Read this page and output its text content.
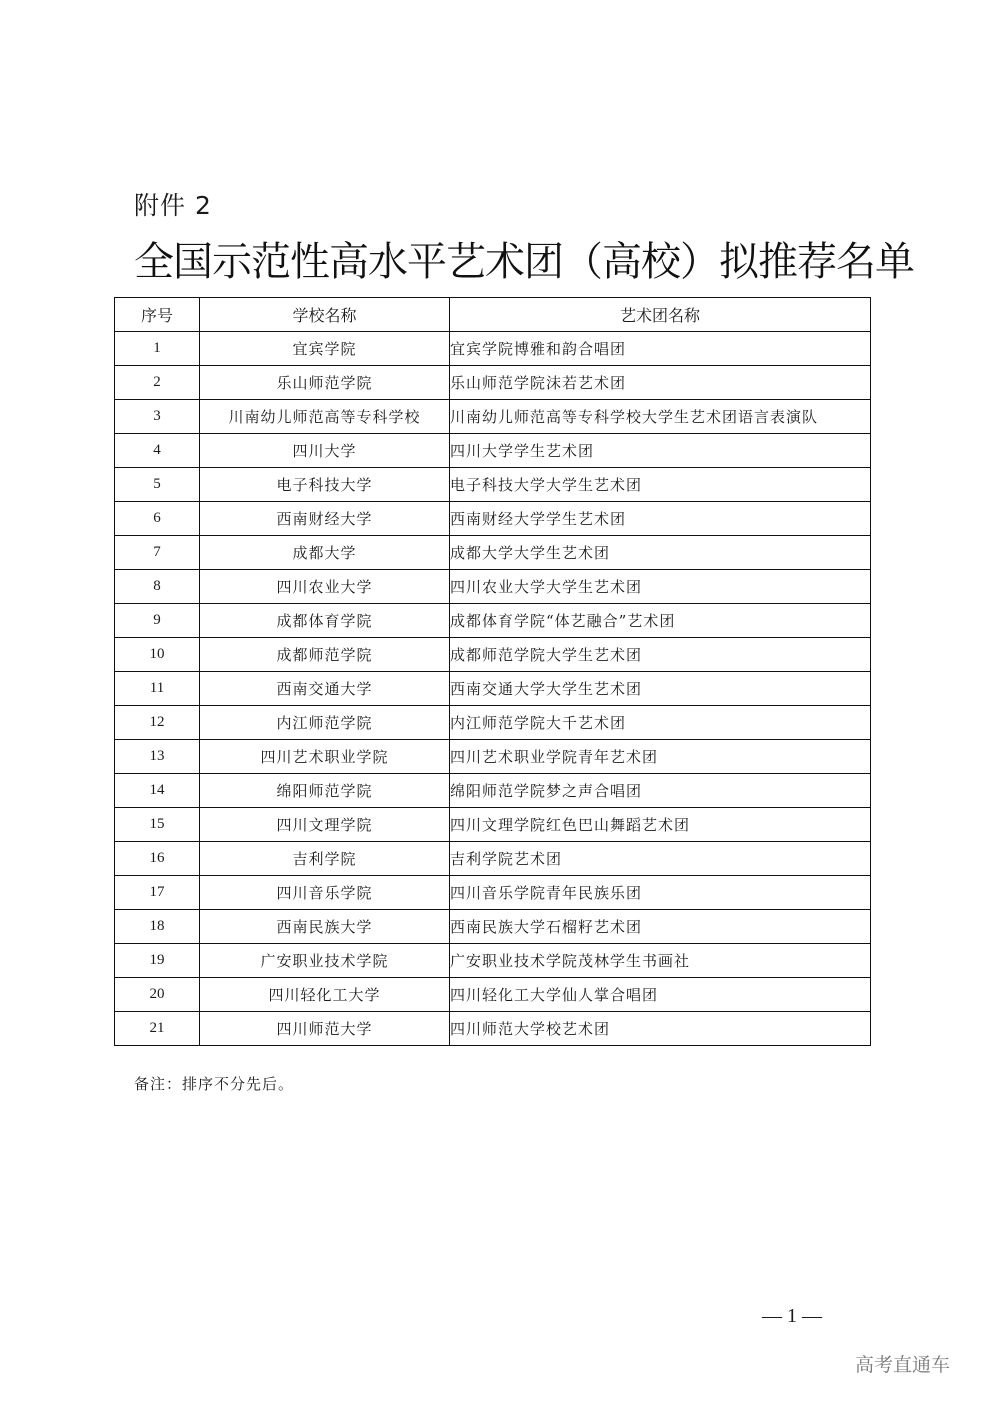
附件 2
全国示范性高水平艺术团（高校）拟推荐名单
序号	学校名称	艺术团名称
1	宜宾学院	宜宾学院博雅和韵合唱团
2	乐山师范学院	乐山师范学院沫若艺术团
3	川南幼儿师范高等专科学校	川南幼儿师范高等专科学校大学生艺术团语言表演队
4	四川大学	四川大学学生艺术团
5	电子科技大学	电子科技大学大学生艺术团
6	西南财经大学	西南财经大学学生艺术团
7	成都大学	成都大学大学生艺术团
8	四川农业大学	四川农业大学大学生艺术团
9	成都体育学院	成都体育学院“体艺融合”艺术团
10	成都师范学院	成都师范学院大学生艺术团
11	西南交通大学	西南交通大学大学生艺术团
12	内江师范学院	内江师范学院大千艺术团
13	四川艺术职业学院	四川艺术职业学院青年艺术团
14	绵阳师范学院	绵阳师范学院梦之声合唱团
15	四川文理学院	四川文理学院红色巴山舞蹈艺术团
16	吉利学院	吉利学院艺术团
17	四川音乐学院	四川音乐学院青年民族乐团
18	西南民族大学	西南民族大学石榴籽艺术团
19	广安职业技术学院	广安职业技术学院茂林学生书画社
20	四川轻化工大学	四川轻化工大学仙人掌合唱团
21	四川师范大学	四川师范大学校艺术团
备注：排序不分先后。
— 1 —
高考直通车
